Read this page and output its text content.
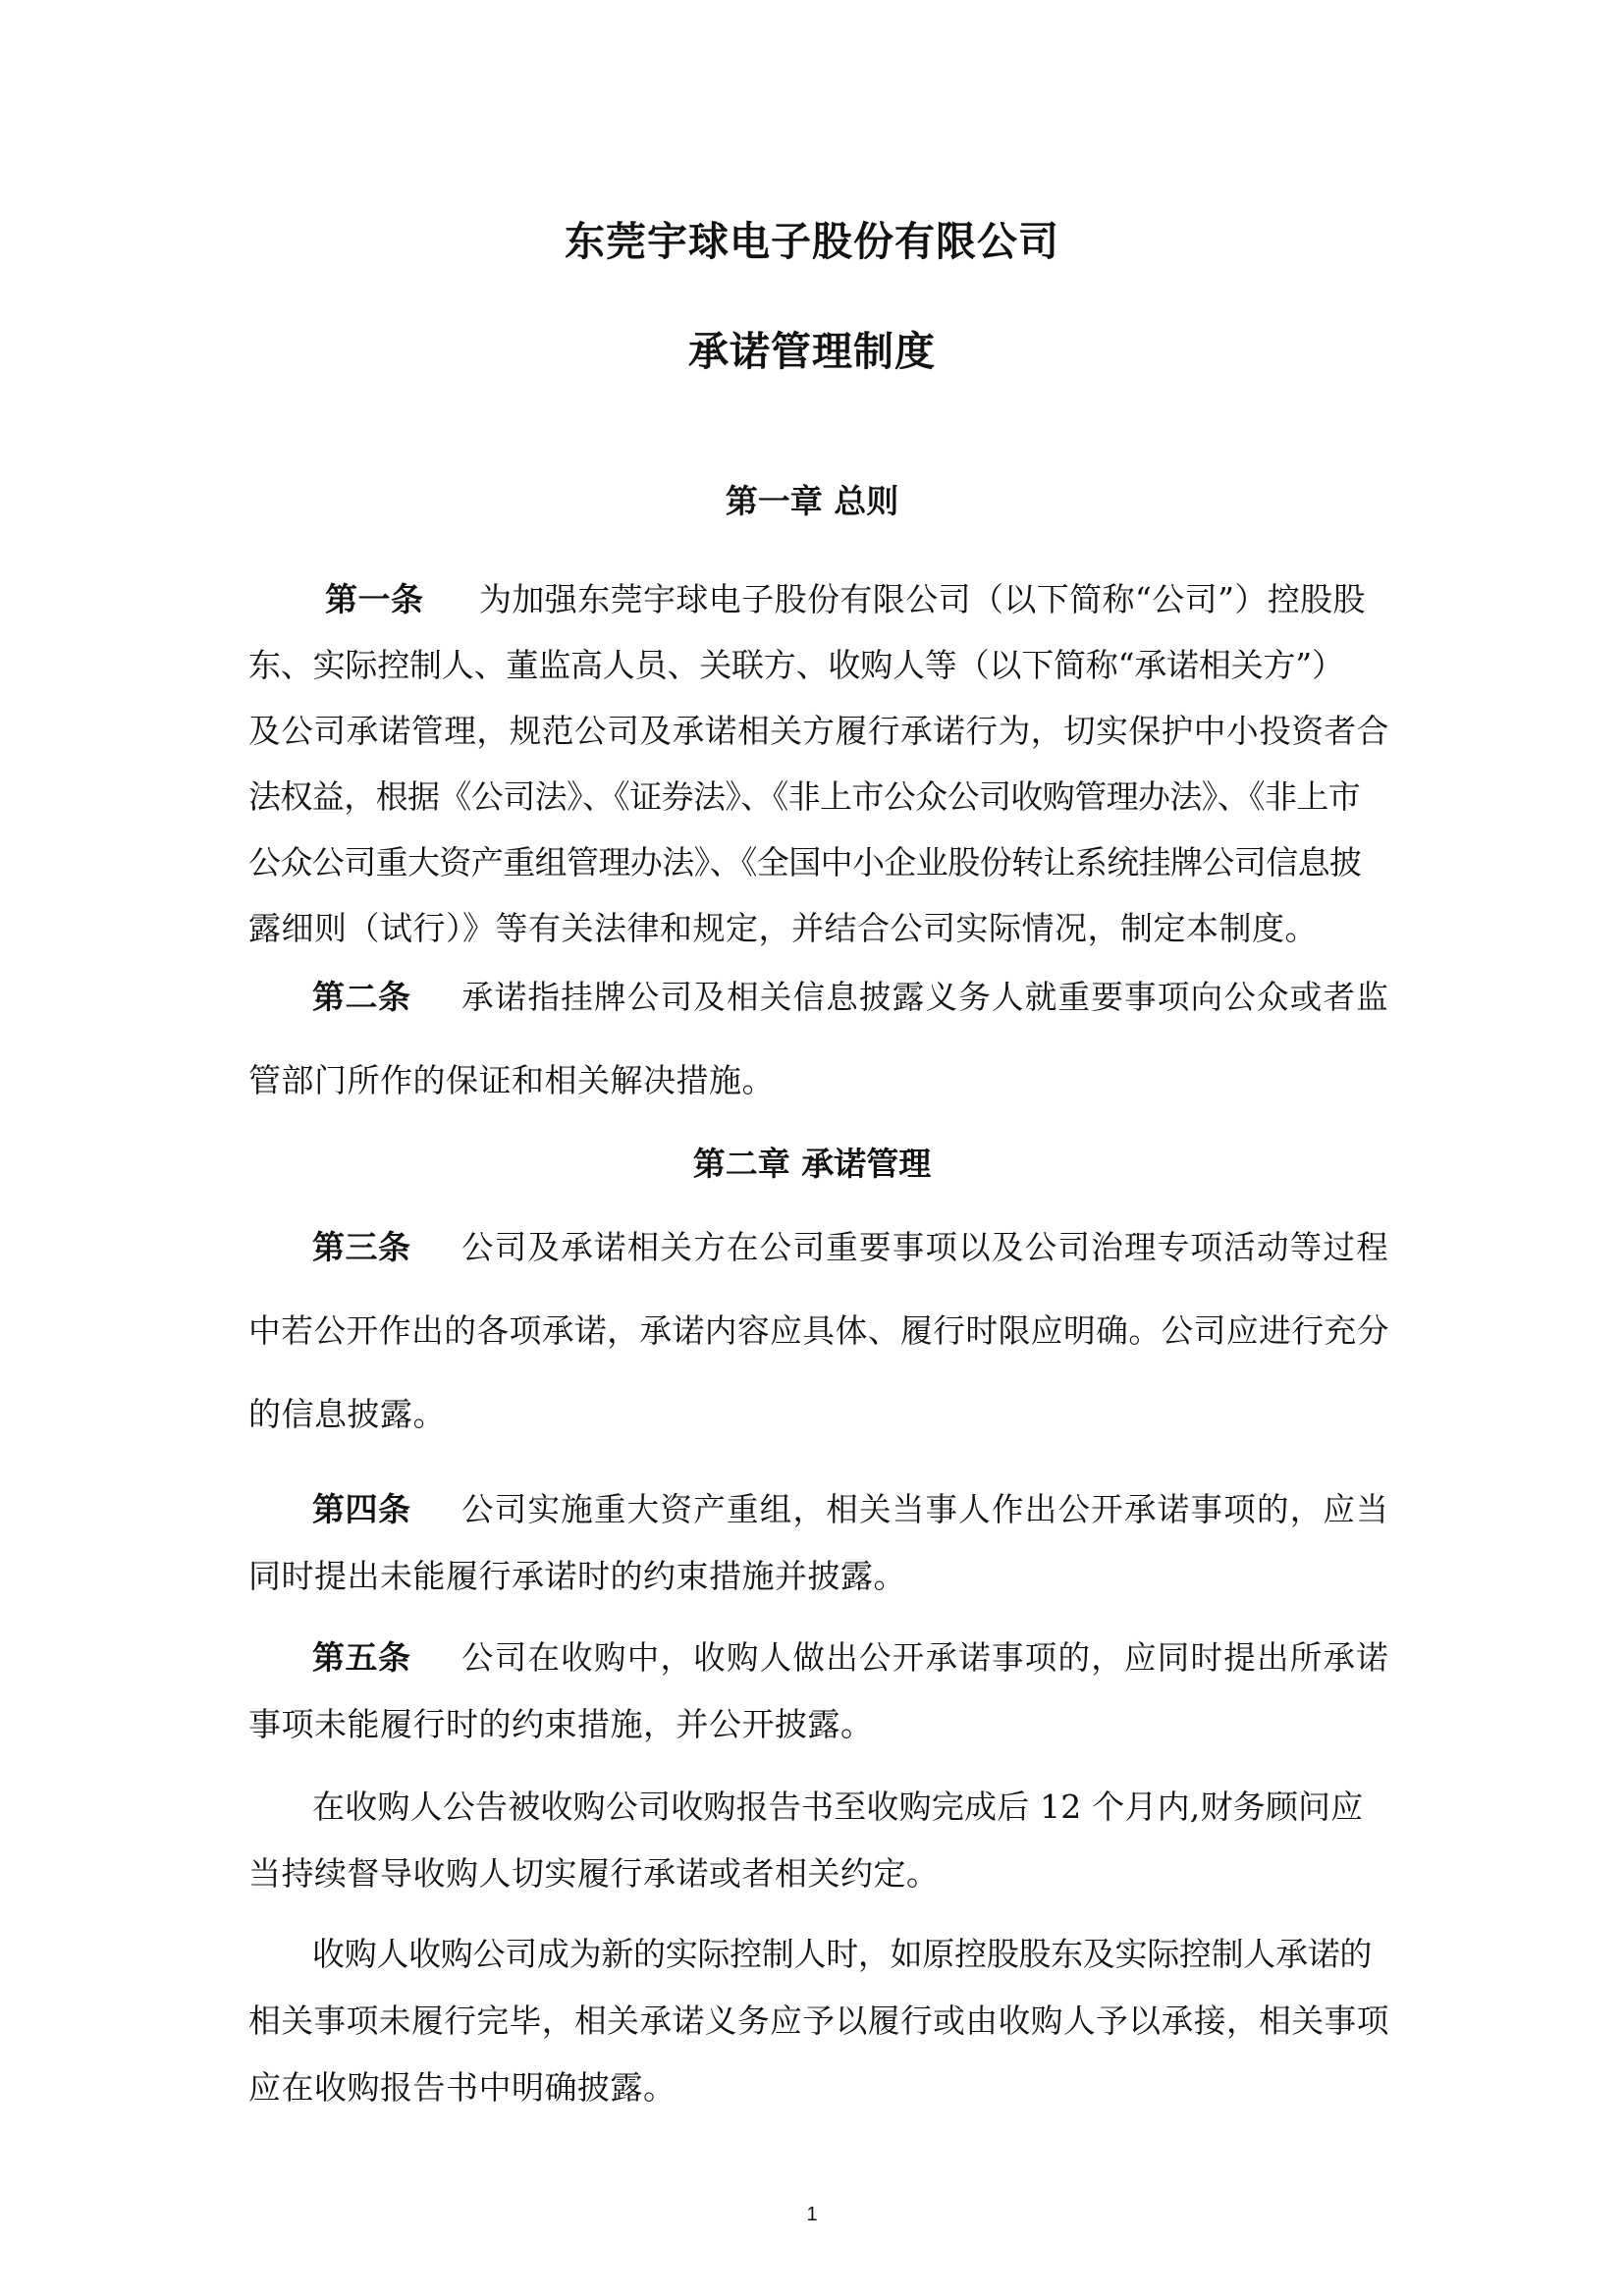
东莞宇球电子股份有限公司
承诺管理制度
第一章 总则
第一条 为加强东莞宇球电子股份有限公司（以下简称“公司”）控股股
东、实际控制人、董监高人员、关联方、收购人等（以下简称“承诺相关方”）
及公司承诺管理，规范公司及承诺相关方履行承诺行为，切实保护中小投资者合
法权益，根据《公司法》、《证券法》、《非上市公众公司收购管理办法》、《非上市
公众公司重大资产重组管理办法》、《全国中小企业股份转让系统挂牌公司信息披
露细则（试行）》等有关法律和规定，并结合公司实际情况，制定本制度。
第二条 承诺指挂牌公司及相关信息披露义务人就重要事项向公众或者监
管部门所作的保证和相关解决措施。
第二章 承诺管理
第三条 公司及承诺相关方在公司重要事项以及公司治理专项活动等过程
中若公开作出的各项承诺，承诺内容应具体、履行时限应明确。公司应进行充分
的信息披露。
第四条 公司实施重大资产重组，相关当事人作出公开承诺事项的，应当
同时提出未能履行承诺时的约束措施并披露。
第五条 公司在收购中，收购人做出公开承诺事项的，应同时提出所承诺
事项未能履行时的约束措施，并公开披露。
在收购人公告被收购公司收购报告书至收购完成后 12 个月内,财务顾问应
当持续督导收购人切实履行承诺或者相关约定。
收购人收购公司成为新的实际控制人时，如原控股股东及实际控制人承诺的
相关事项未履行完毕，相关承诺义务应予以履行或由收购人予以承接，相关事项
应在收购报告书中明确披露。
1
